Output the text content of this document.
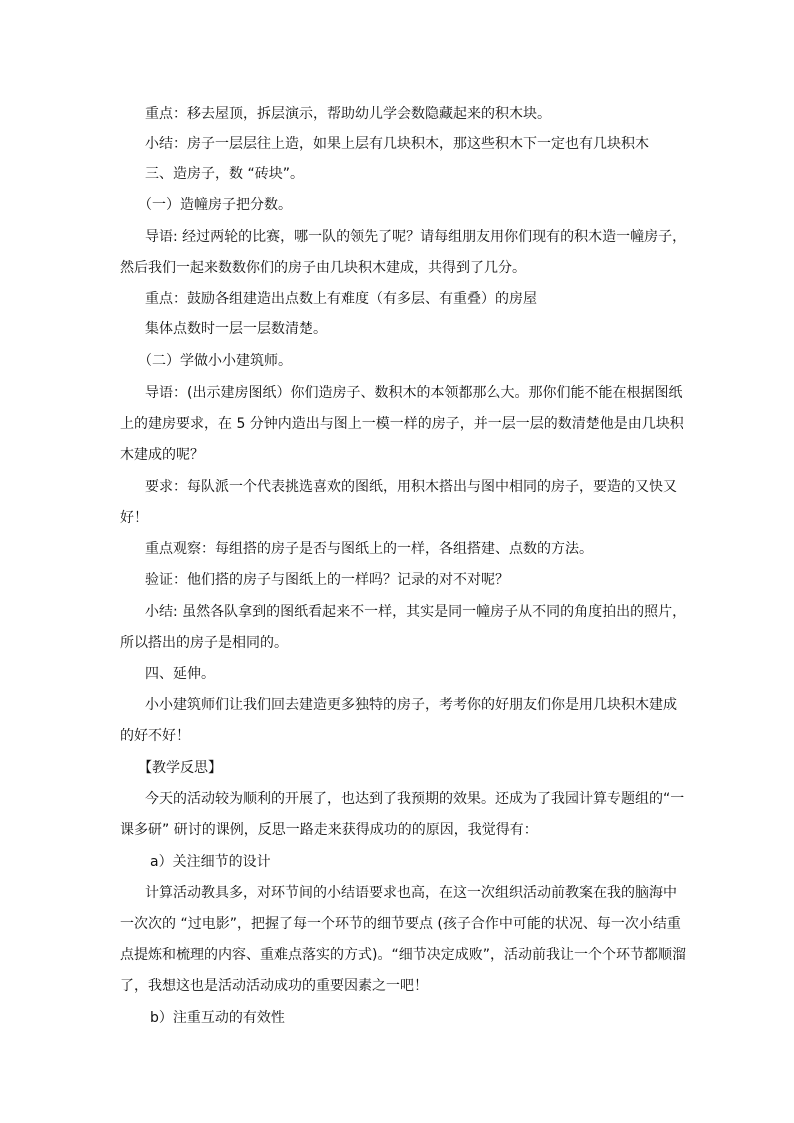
重点：移去屋顶，拆层演示，帮助幼儿学会数隐藏起来的积木块。
小结：房子一层层往上造，如果上层有几块积木，那这些积木下一定也有几块积木
三、造房子，数 “砖块”。
（一）造幢房子把分数。
导语: 经过两轮的比赛，哪一队的领先了呢？请每组朋友用你们现有的积木造一幢房子，
然后我们一起来数数你们的房子由几块积木建成，共得到了几分。
重点：鼓励各组建造出点数上有难度（有多层、有重叠）的房屋
集体点数时一层一层数清楚。
（二）学做小小建筑师。
导语：(出示建房图纸）你们造房子、数积木的本领都那么大。那你们能不能在根据图纸
上的建房要求，在 5 分钟内造出与图上一模一样的房子，并一层一层的数清楚他是由几块积
木建成的呢？
要求：每队派一个代表挑选喜欢的图纸，用积木搭出与图中相同的房子，要造的又快又
好！
重点观察：每组搭的房子是否与图纸上的一样，各组搭建、点数的方法。
验证：他们搭的房子与图纸上的一样吗？记录的对不对呢？
小结: 虽然各队拿到的图纸看起来不一样，其实是同一幢房子从不同的角度拍出的照片，
所以搭出的房子是相同的。
四、延伸。
小小建筑师们让我们回去建造更多独特的房子，考考你的好朋友们你是用几块积木建成
的好不好！
【教学反思】
今天的活动较为顺利的开展了，也达到了我预期的效果。还成为了我园计算专题组的“一
课多研” 研讨的课例，反思一路走来获得成功的的原因，我觉得有：
a）关注细节的设计
计算活动教具多，对环节间的小结语要求也高，在这一次组织活动前教案在我的脑海中
一次次的 “过电影”，把握了每一个环节的细节要点 (孩子合作中可能的状况、每一次小结重
点提炼和梳理的内容、重难点落实的方式)。“细节决定成败”，活动前我让一个个环节都顺溜
了，我想这也是活动活动成功的重要因素之一吧！
b）注重互动的有效性
